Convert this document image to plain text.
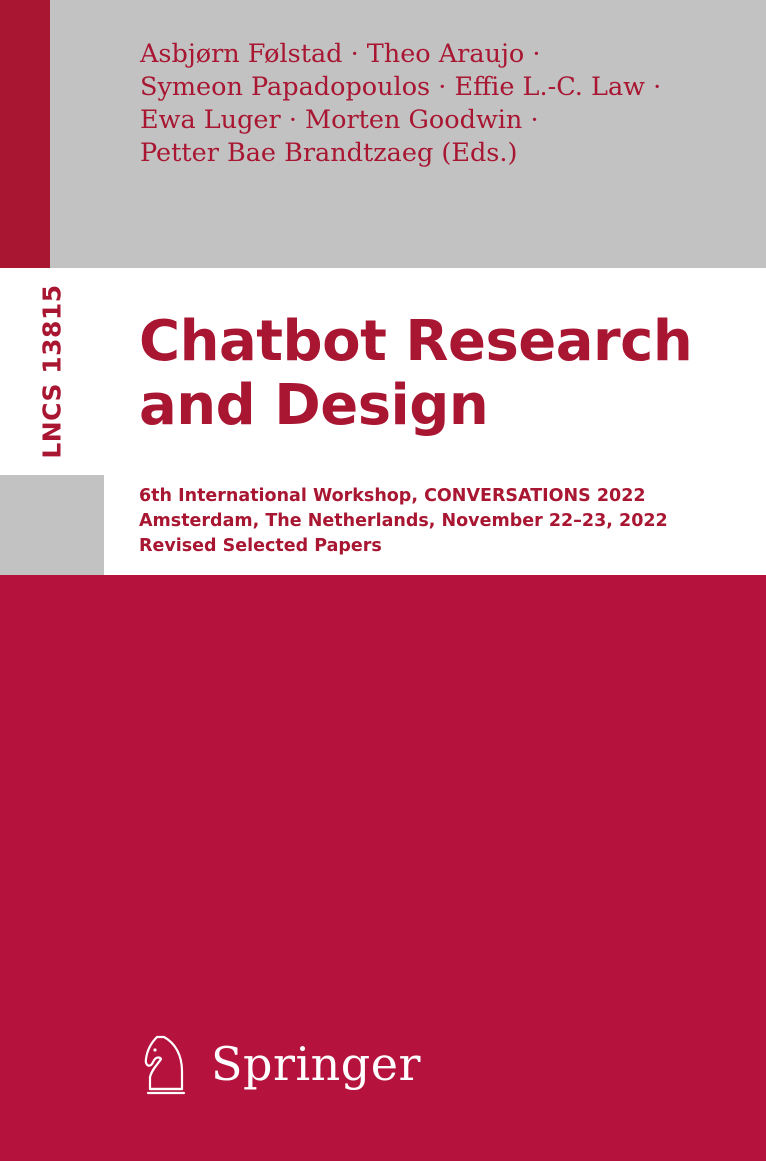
LNCS 13815
Asbjørn Følstad · Theo Araujo ·
Symeon Papadopoulos · Effie L.-C. Law ·
Ewa Luger · Morten Goodwin ·
Petter Bae Brandtzaeg (Eds.)
Chatbot Research
and Design
6th International Workshop, CONVERSATIONS 2022
Amsterdam, The Netherlands, November 22–23, 2022
Revised Selected Papers
Springer
